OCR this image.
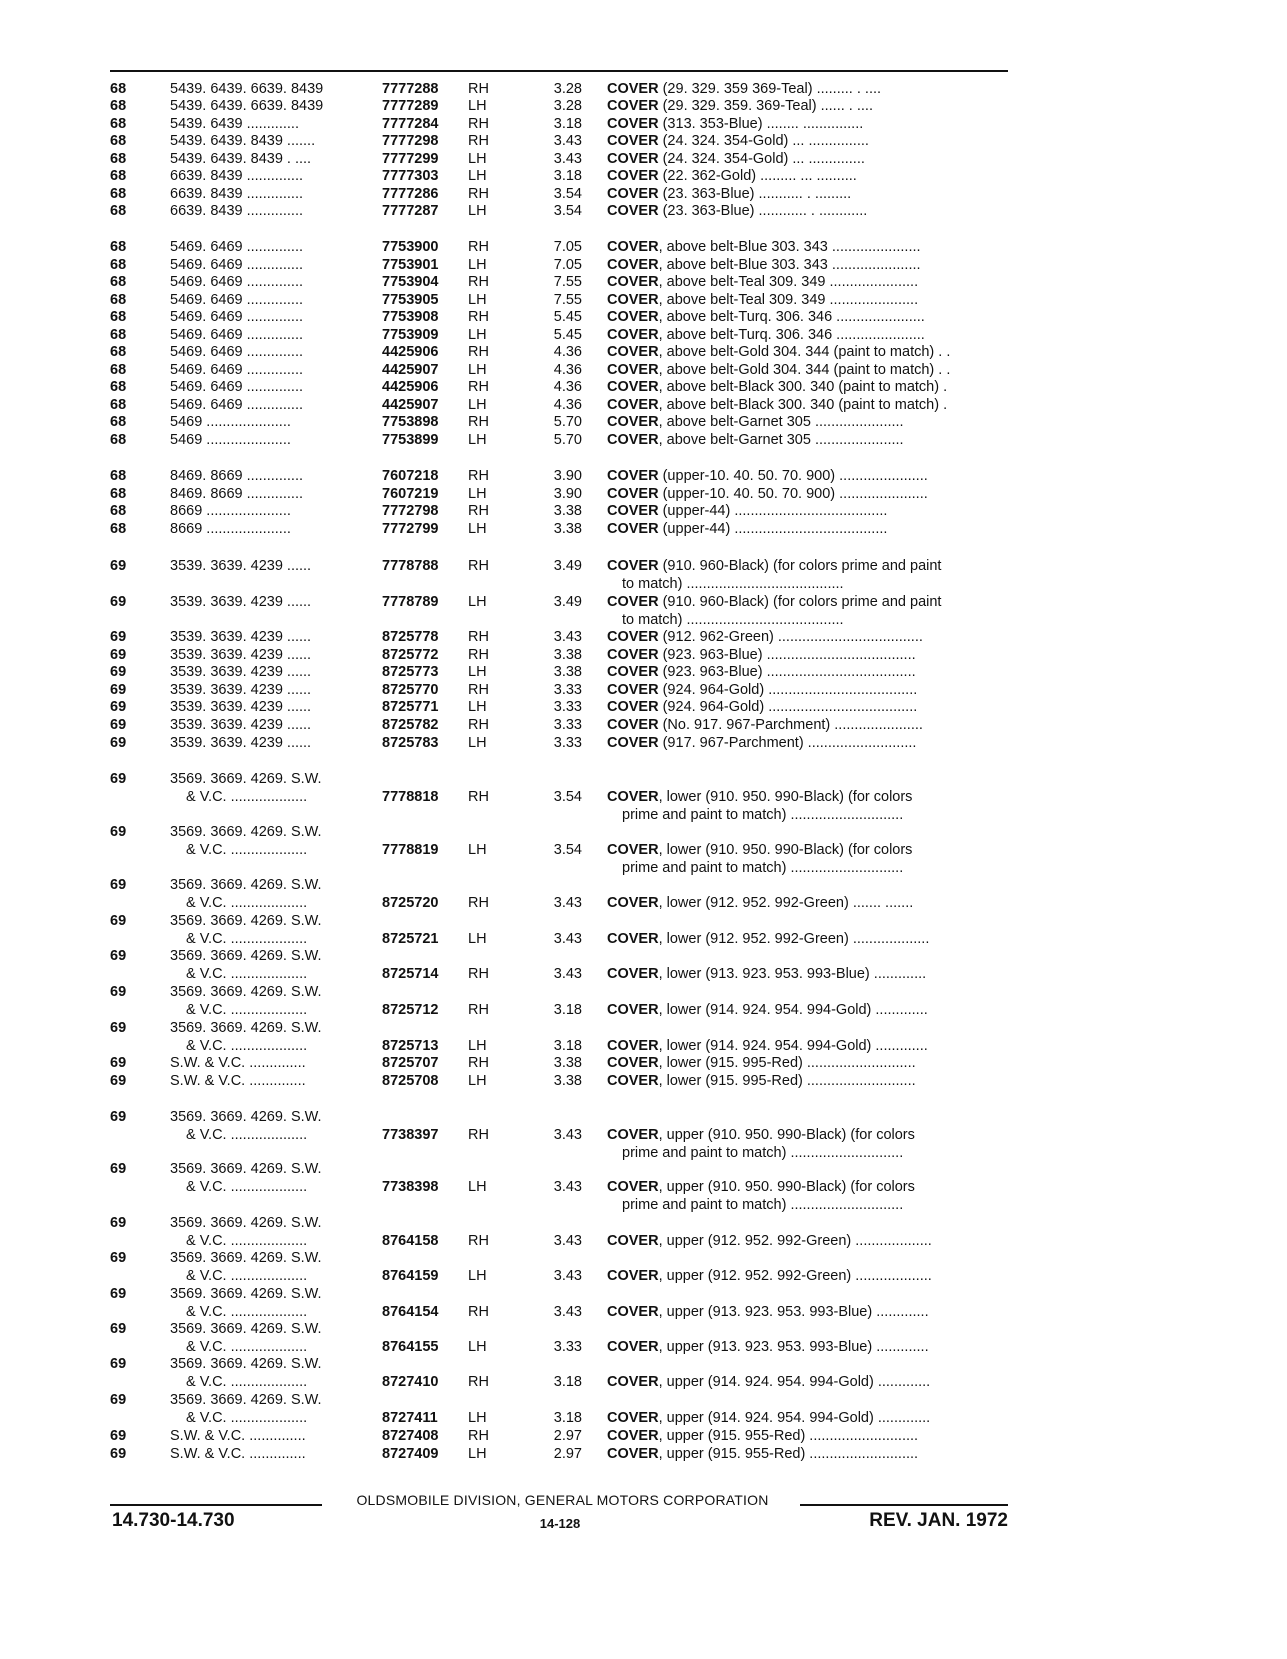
68	5439. 6439. 6639. 8439	7777288	RH	3.28 COVER (29. 329. 359 369-Teal) ......... . ....
68	5439. 6439. 6639. 8439	7777289	LH	3.28 COVER (29. 329. 359. 369-Teal) ...... . ....
68	5439. 6439 .............	7777284	RH	3.18 COVER (313. 353-Blue) ........ ...............
68	5439. 6439. 8439 .......	7777298	RH	3.43 COVER (24. 324. 354-Gold) ... ...............
68	5439. 6439. 8439 . ....	7777299	LH	3.43 COVER (24. 324. 354-Gold) ... ..............
68	6639. 8439 ..............	7777303	LH	3.18 COVER (22. 362-Gold) ......... ... ..........
68	6639. 8439 ..............	7777286	RH	3.54 COVER (23. 363-Blue) ........... . .........
68	6639. 8439 ..............	7777287	LH	3.54 COVER (23. 363-Blue) ............ . ............
68	5469. 6469 ..............	7753900	RH	7.05 COVER, above belt-Blue 303. 343 ......................
68	5469. 6469 ..............	7753901	LH	7.05 COVER, above belt-Blue 303. 343 ......................
68	5469. 6469 ..............	7753904	RH	7.55 COVER, above belt-Teal 309. 349 ......................
68	5469. 6469 ..............	7753905	LH	7.55 COVER, above belt-Teal 309. 349 ......................
68	5469. 6469 ..............	7753908	RH	5.45 COVER, above belt-Turq. 306. 346 ......................
68	5469. 6469 ..............	7753909	LH	5.45 COVER, above belt-Turq. 306. 346 ......................
68	5469. 6469 ..............	4425906	RH	4.36 COVER, above belt-Gold 304. 344 (paint to match) . .
68	5469. 6469 ..............	4425907	LH	4.36 COVER, above belt-Gold 304. 344 (paint to match) . .
68	5469. 6469 ..............	4425906	RH	4.36 COVER, above belt-Black 300. 340 (paint to match) .
68	5469. 6469 ..............	4425907	LH	4.36 COVER, above belt-Black 300. 340 (paint to match) .
68	5469 .....................	7753898	RH	5.70 COVER, above belt-Garnet 305 ......................
68	5469 .....................	7753899	LH	5.70 COVER, above belt-Garnet 305 ......................
68	8469. 8669 ..............	7607218	RH	3.90 COVER (upper-10. 40. 50. 70. 900) ......................
68	8469. 8669 ..............	7607219	LH	3.90 COVER (upper-10. 40. 50. 70. 900) ......................
68	8669 .....................	7772798	RH	3.38 COVER (upper-44) ......................................
68	8669 .....................	7772799	LH	3.38 COVER (upper-44) ......................................
69	3539. 3639. 4239 ......	7778788	RH	3.49 COVER (910. 960-Black) (for colors prime and paint
to match) .......................................
69	3539. 3639. 4239 ......	7778789	LH	3.49 COVER (910. 960-Black) (for colors prime and paint
to match) .......................................
69	3539. 3639. 4239 ......	8725778	RH	3.43 COVER (912. 962-Green) ....................................
69	3539. 3639. 4239 ......	8725772	RH	3.38 COVER (923. 963-Blue) .....................................
69	3539. 3639. 4239 ......	8725773	LH	3.38 COVER (923. 963-Blue) .....................................
69	3539. 3639. 4239 ......	8725770	RH	3.33 COVER (924. 964-Gold) .....................................
69	3539. 3639. 4239 ......	8725771	LH	3.33 COVER (924. 964-Gold) .....................................
69	3539. 3639. 4239 ......	8725782	RH	3.33 COVER (No. 917. 967-Parchment) ......................
69	3539. 3639. 4239 ......	8725783	LH	3.33 COVER (917. 967-Parchment) ...........................
69	3569. 3669. 4269. S.W.
& V.C. ...................	7778818	RH	3.54 COVER, lower (910. 950. 990-Black) (for colors
prime and paint to match) ............................
69	3569. 3669. 4269. S.W.
& V.C. ...................	7778819	LH	3.54 COVER, lower (910. 950. 990-Black) (for colors
prime and paint to match) ............................
69	3569. 3669. 4269. S.W.
& V.C. ...................	8725720	RH	3.43 COVER, lower (912. 952. 992-Green) ....... .......
69	3569. 3669. 4269. S.W.
& V.C. ...................	8725721	LH	3.43 COVER, lower (912. 952. 992-Green) ...................
69	3569. 3669. 4269. S.W.
& V.C. ...................	8725714	RH	3.43 COVER, lower (913. 923. 953. 993-Blue) .............
69	3569. 3669. 4269. S.W.
& V.C. ...................	8725712	RH	3.18 COVER, lower (914. 924. 954. 994-Gold) .............
69	3569. 3669. 4269. S.W.
& V.C. ...................	8725713	LH	3.18 COVER, lower (914. 924. 954. 994-Gold) .............
69	S.W. & V.C. ..............	8725707	RH	3.38 COVER, lower (915. 995-Red) ...........................
69	S.W. & V.C. ..............	8725708	LH	3.38 COVER, lower (915. 995-Red) ...........................
69	3569. 3669. 4269. S.W.
& V.C. ...................	7738397	RH	3.43 COVER, upper (910. 950. 990-Black) (for colors
prime and paint to match) ............................
69	3569. 3669. 4269. S.W.
& V.C. ...................	7738398	LH	3.43 COVER, upper (910. 950. 990-Black) (for colors
prime and paint to match) ............................
69	3569. 3669. 4269. S.W.
& V.C. ...................	8764158	RH	3.43 COVER, upper (912. 952. 992-Green) ...................
69	3569. 3669. 4269. S.W.
& V.C. ...................	8764159	LH	3.43 COVER, upper (912. 952. 992-Green) ...................
69	3569. 3669. 4269. S.W.
& V.C. ...................	8764154	RH	3.43 COVER, upper (913. 923. 953. 993-Blue) .............
69	3569. 3669. 4269. S.W.
& V.C. ...................	8764155	LH	3.33 COVER, upper (913. 923. 953. 993-Blue) .............
69	3569. 3669. 4269. S.W.
& V.C. ...................	8727410	RH	3.18 COVER, upper (914. 924. 954. 994-Gold) .............
69	3569. 3669. 4269. S.W.
& V.C. ...................	8727411	LH	3.18 COVER, upper (914. 924. 954. 994-Gold) .............
69	S.W. & V.C. ..............	8727408	RH	2.97 COVER, upper (915. 955-Red) ...........................
69	S.W. & V.C. ..............	8727409	LH	2.97 COVER, upper (915. 955-Red) ...........................
OLDSMOBILE DIVISION, GENERAL MOTORS CORPORATION
14.730-14.730	14-128	REV. JAN. 1972
